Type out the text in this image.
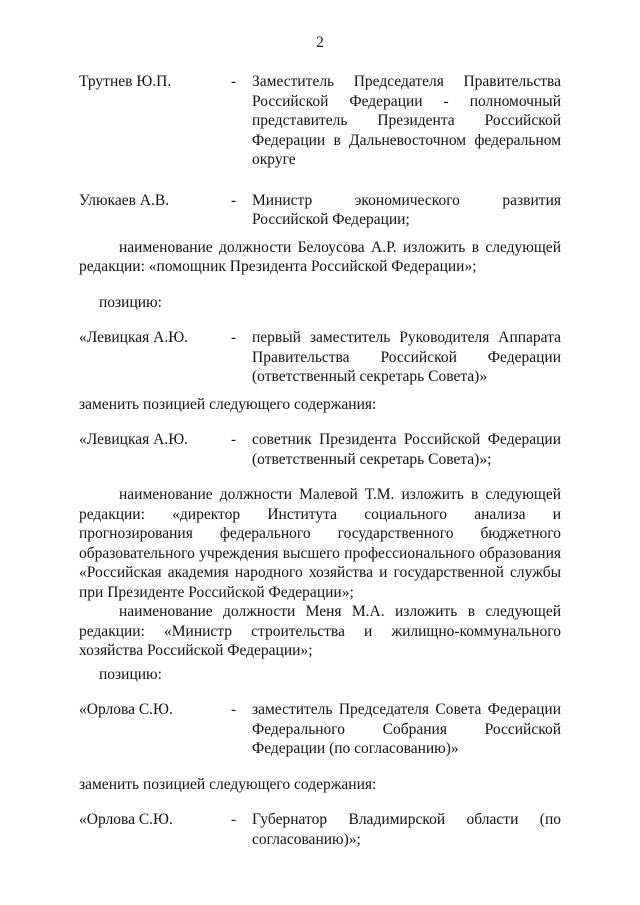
2
Трутнев Ю.П.	-	Заместитель Председателя Правительства Российской Федерации - полномочный представитель Президента Российской Федерации в Дальневосточном федеральном округе
Улюкаев А.В.	-	Министр экономического развития Российской Федерации;

наименование должности Белоусова А.Р. изложить в следующей редакции: «помощник Президента Российской Федерации»;

позицию:
«Левицкая А.Ю.	-	первый заместитель Руководителя Аппарата Правительства Российской Федерации (ответственный секретарь Совета)»
заменить позицией следующего содержания:
«Левицкая А.Ю.	-	советник Президента Российской Федерации (ответственный секретарь Совета)»;

наименование должности Малевой Т.М. изложить в следующей редакции: «директор Института социального анализа и прогнозирования федерального государственного бюджетного образовательного учреждения высшего профессионального образования «Российская академия народного хозяйства и государственной службы при Президенте Российской Федерации»;

наименование должности Меня М.А. изложить в следующей редакции: «Министр строительства и жилищно-коммунального хозяйства Российской Федерации»;

позицию:
«Орлова С.Ю.	-	заместитель Председателя Совета Федерации Федерального Собрания Российской Федерации (по согласованию)»
заменить позицией следующего содержания:
«Орлова С.Ю.	-	Губернатор Владимирской области (по согласованию)»;
